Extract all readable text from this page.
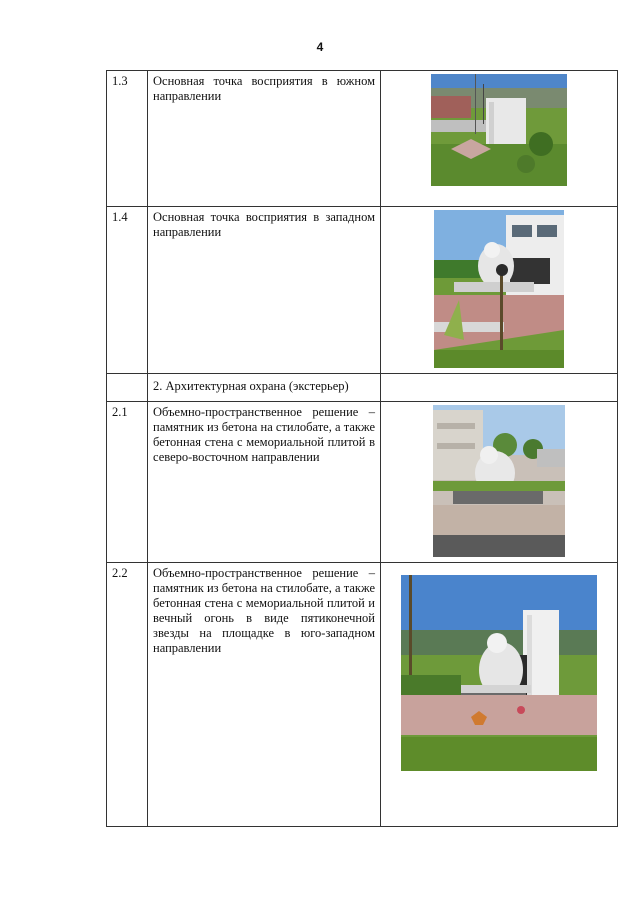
4
1.3	Основная точка восприятия в южном направлении	

1.4	Основная точка восприятия в западном направлении	

	2. Архитектурная охрана (экстерьер)	
2.1	Объемно-пространственное решение – памятник из бетона на стилобате, а также бетонная стена с мемориальной плитой в северо-восточном направлении	

2.2	Объемно-пространственное решение – памятник из бетона на стилобате, а также бетонная стена с мемориальной плитой и вечный огонь в виде пятиконечной звезды на площадке в юго-западном направлении	
